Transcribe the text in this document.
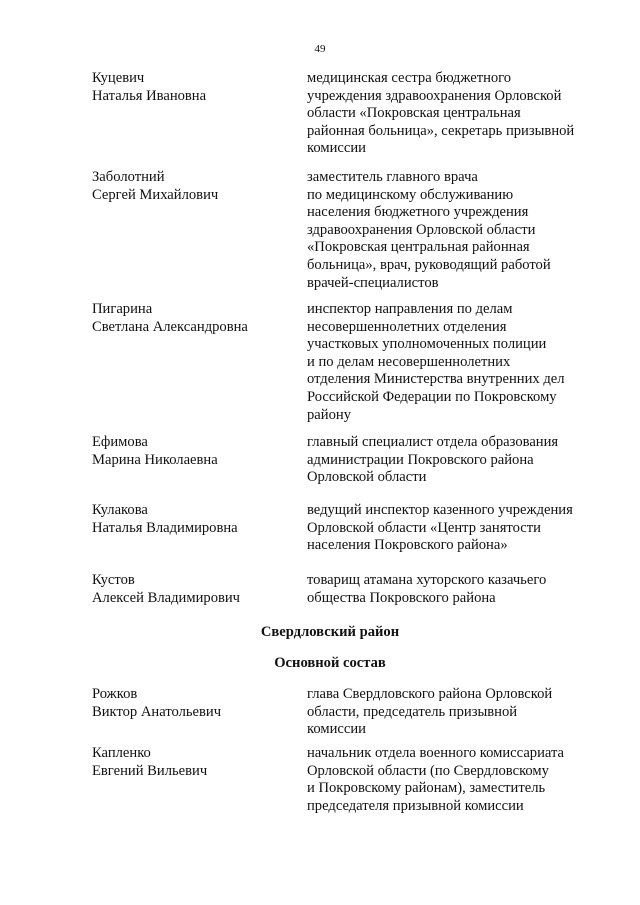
49
Куцевич
Наталья Ивановна
медицинская сестра бюджетного
учреждения здравоохранения Орловской
области «Покровская центральная
районная больница», секретарь призывной
комиссии
Заболотний
Сергей Михайлович
заместитель главного врача
по медицинскому обслуживанию
населения бюджетного учреждения
здравоохранения Орловской области
«Покровская центральная районная
больница», врач, руководящий работой
врачей-специалистов
Пигарина
Светлана Александровна
инспектор направления по делам
несовершеннолетних отделения
участковых уполномоченных полиции
и по делам несовершеннолетних
отделения Министерства внутренних дел
Российской Федерации по Покровскому
району
Ефимова
Марина Николаевна
главный специалист отдела образования
администрации Покровского района
Орловской области
Кулакова
Наталья Владимировна
ведущий инспектор казенного учреждения
Орловской области «Центр занятости
населения Покровского района»
Кустов
Алексей Владимирович
товарищ атамана хуторского казачьего
общества Покровского района
Свердловский район
Основной состав
Рожков
Виктор Анатольевич
глава Свердловского района Орловской
области, председатель призывной
комиссии
Капленко
Евгений Вильевич
начальник отдела военного комиссариата
Орловской области (по Свердловскому
и Покровскому районам), заместитель
председателя призывной комиссии
